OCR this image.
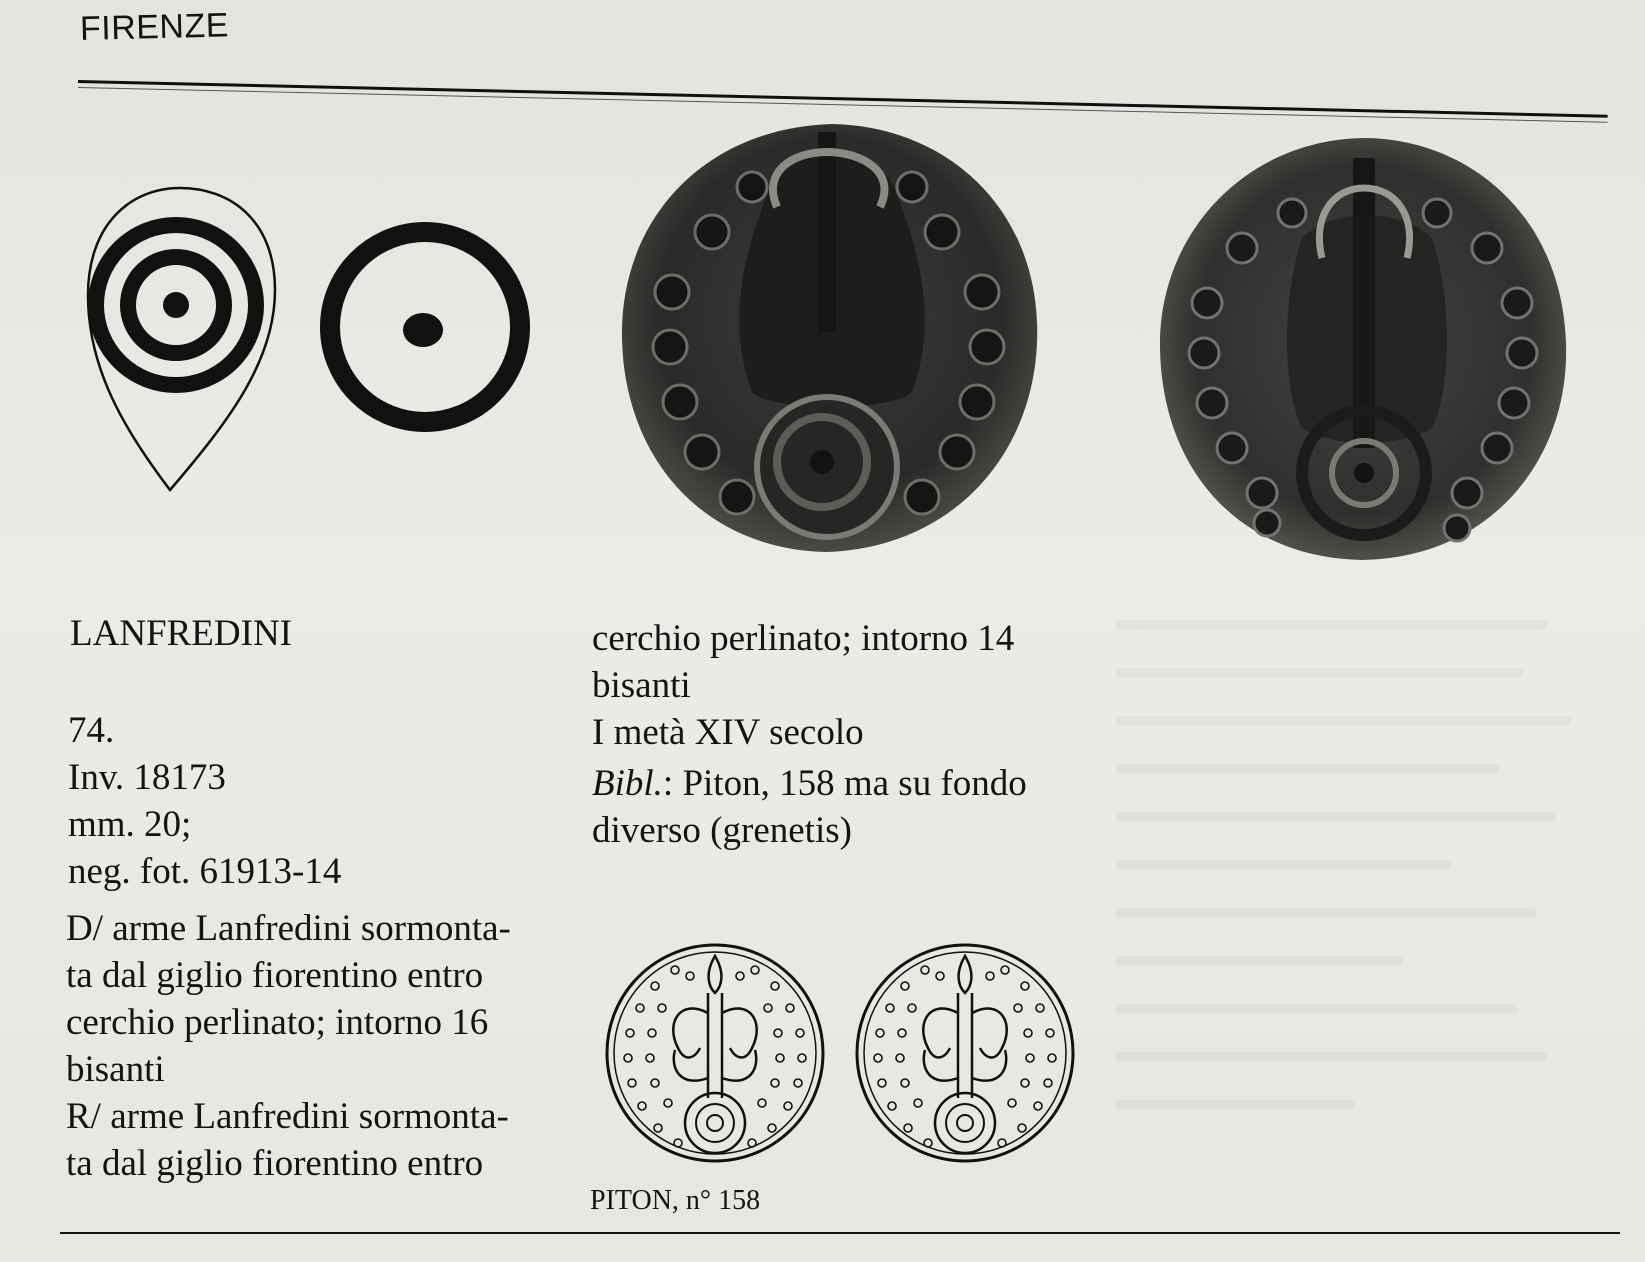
FIRENZE
LANFREDINI
74.
Inv. 18173
mm. 20;
neg. fot. 61913-14
D/ arme Lanfredini sormonta-
ta dal giglio fiorentino entro
cerchio perlinato; intorno 16
bisanti
R/ arme Lanfredini sormonta-
ta dal giglio fiorentino entro
cerchio perlinato; intorno 14
bisanti
I metà XIV secolo
Bibl.: Piton, 158 ma su fondo
diverso (grenetis)
PITON, n° 158
